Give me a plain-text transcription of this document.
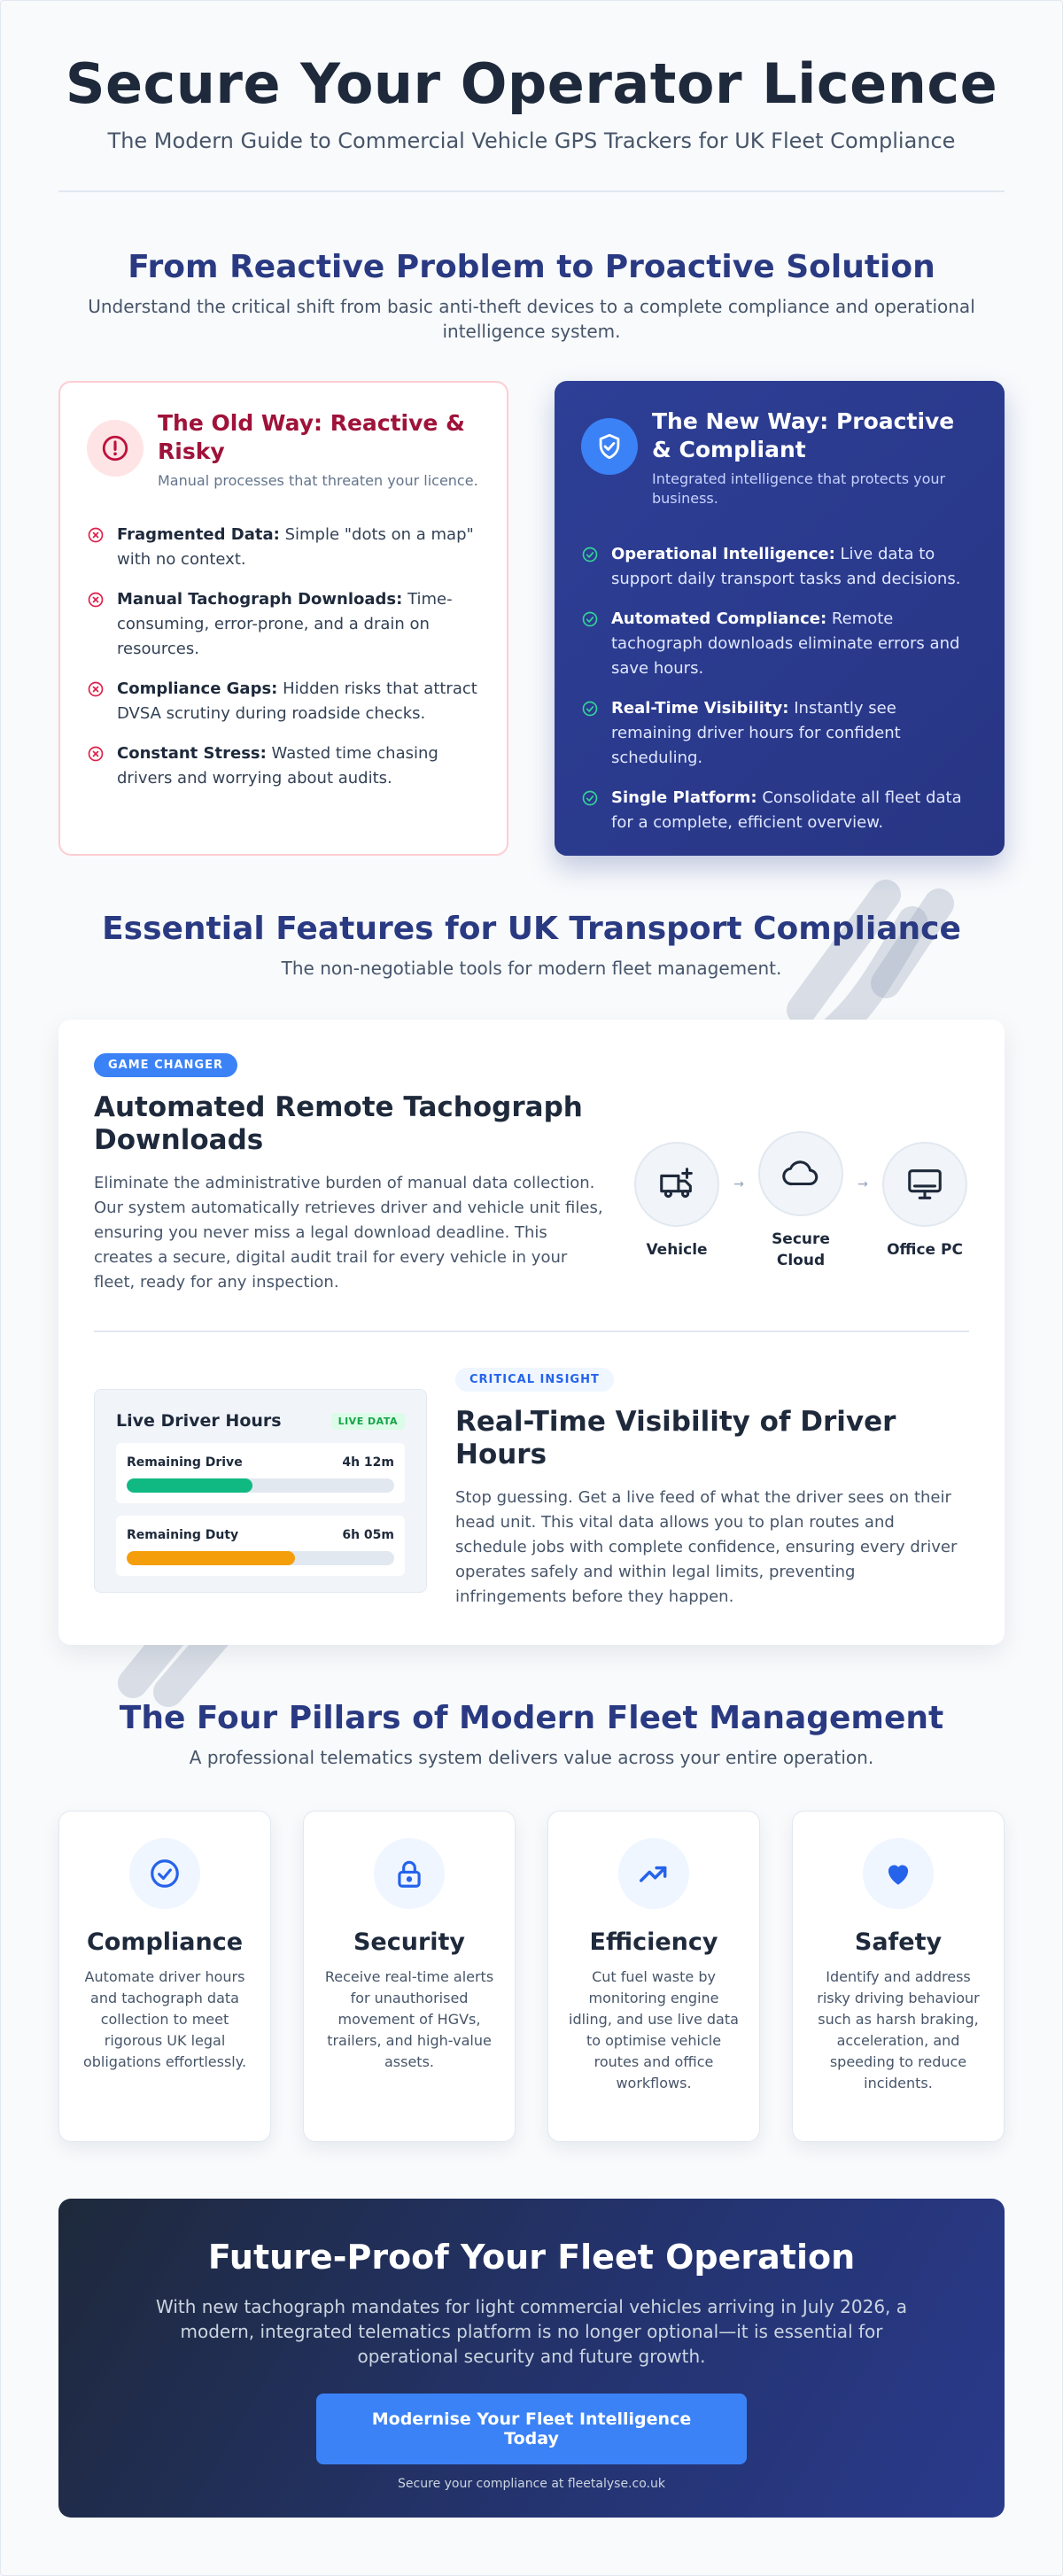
Secure Your Operator Licence

The Modern Guide to Commercial Vehicle GPS Trackers for UK Fleet Compliance

From Reactive Problem to Proactive Solution

Understand the critical shift from basic anti-theft devices to a complete compliance and operational intelligence system.

The Old Way: Reactive & Risky
Manual processes that threaten your licence.
Fragmented Data: Simple "dots on a map" with no context.
Manual Tachograph Downloads: Time-consuming, error-prone, and a drain on resources.
Compliance Gaps: Hidden risks that attract DVSA scrutiny during roadside checks.
Constant Stress: Wasted time chasing drivers and worrying about audits.
The New Way: Proactive & Compliant
Integrated intelligence that protects your business.
Operational Intelligence: Live data to support daily transport tasks and decisions.
Automated Compliance: Remote tachograph downloads eliminate errors and save hours.
Real-Time Visibility: Instantly see remaining driver hours for confident scheduling.
Single Platform: Consolidate all fleet data for a complete, efficient overview.
Essential Features for UK Transport Compliance

The non-negotiable tools for modern fleet management.

GAME CHANGER
Automated Remote Tachograph Downloads

Eliminate the administrative burden of manual data collection. Our system automatically retrieves driver and vehicle unit files, ensuring you never miss a legal download deadline. This creates a secure, digital audit trail for every vehicle in your fleet, ready for any inspection.

Vehicle
→
Secure Cloud
→
Office PC
Live Driver Hours	LIVE DATA
Remaining Drive	4h 12m
Remaining Duty	6h 05m
CRITICAL INSIGHT
Real-Time Visibility of Driver Hours

Stop guessing. Get a live feed of what the driver sees on their head unit. This vital data allows you to plan routes and schedule jobs with complete confidence, ensuring every driver operates safely and within legal limits, preventing infringements before they happen.

The Four Pillars of Modern Fleet Management

A professional telematics system delivers value across your entire operation.

Compliance

Automate driver hours and tachograph data collection to meet rigorous UK legal obligations effortlessly.

Security

Receive real-time alerts for unauthorised movement of HGVs, trailers, and high-value assets.

Efficiency

Cut fuel waste by monitoring engine idling, and use live data to optimise vehicle routes and office workflows.

Safety

Identify and address risky driving behaviour such as harsh braking, acceleration, and speeding to reduce incidents.

Future-Proof Your Fleet Operation

With new tachograph mandates for light commercial vehicles arriving in July 2026, a modern, integrated telematics platform is no longer optional—it is essential for operational security and future growth.

Modernise Your Fleet Intelligence Today
Secure your compliance at fleetalyse.co.uk
